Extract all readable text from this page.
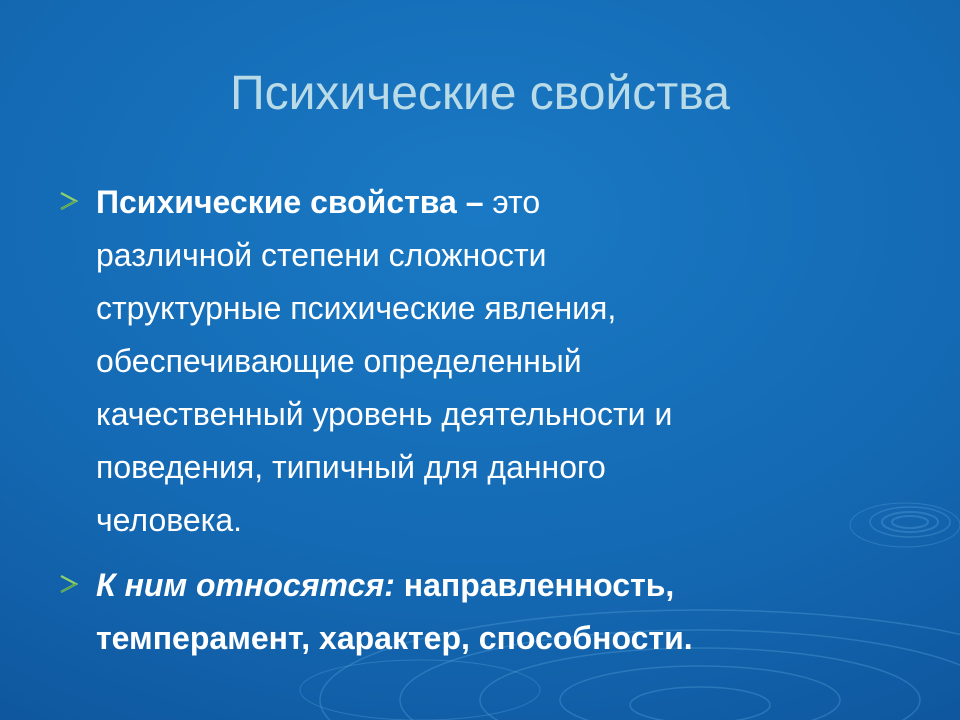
Психические свойства
Психические свойства – это
различной степени сложности
структурные психические явления,
обеспечивающие определенный
качественный уровень деятельности и
поведения, типичный для данного
человека.
К ним относятся: направленность,
темперамент, характер, способности.
